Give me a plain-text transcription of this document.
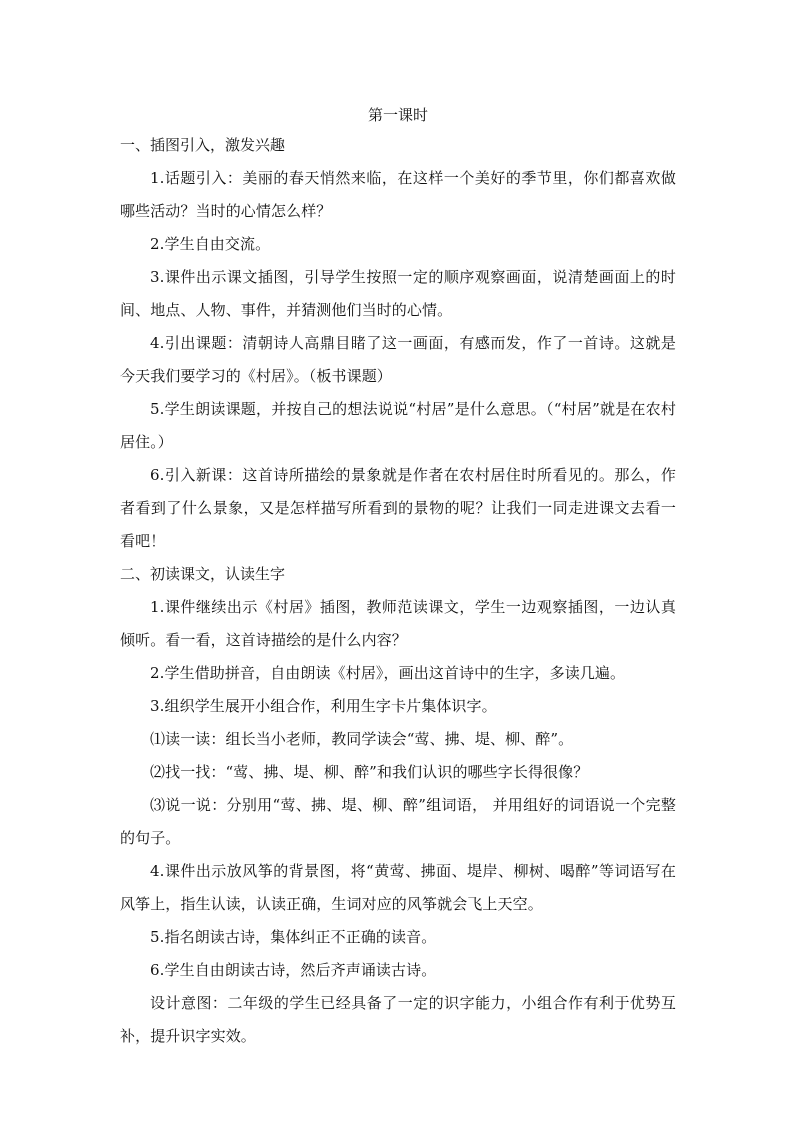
第一课时

一、插图引入，激发兴趣

1.话题引入：美丽的春天悄然来临，在这样一个美好的季节里，你们都喜欢做哪些活动？当时的心情怎么样？

2.学生自由交流。

3.课件出示课文插图，引导学生按照一定的顺序观察画面，说清楚画面上的时间、地点、人物、事件，并猜测他们当时的心情。

4.引出课题：清朝诗人高鼎目睹了这一画面，有感而发，作了一首诗。这就是今天我们要学习的《村居》。（板书课题）

5.学生朗读课题，并按自己的想法说说“村居”是什么意思。（“村居”就是在农村居住。）

6.引入新课：这首诗所描绘的景象就是作者在农村居住时所看见的。那么，作者看到了什么景象，又是怎样描写所看到的景物的呢？让我们一同走进课文去看一看吧！

二、初读课文，认读生字

1.课件继续出示《村居》插图，教师范读课文，学生一边观察插图，一边认真倾听。看一看，这首诗描绘的是什么内容？

2.学生借助拼音，自由朗读《村居》，画出这首诗中的生字，多读几遍。

3.组织学生展开小组合作，利用生字卡片集体识字。

⑴读一读：组长当小老师，教同学读会“莺、拂、堤、柳、醉”。

⑵找一找：“莺、拂、堤、柳、醉”和我们认识的哪些字长得很像？

⑶说一说：分别用“莺、拂、堤、柳、醉”组词语， 并用组好的词语说一个完整的句子。

4.课件出示放风筝的背景图，将“黄莺、拂面、堤岸、柳树、喝醉”等词语写在风筝上，指生认读，认读正确，生词对应的风筝就会飞上天空。

5.指名朗读古诗，集体纠正不正确的读音。

6.学生自由朗读古诗，然后齐声诵读古诗。

设计意图：二年级的学生已经具备了一定的识字能力，小组合作有利于优势互补，提升识字实效。
